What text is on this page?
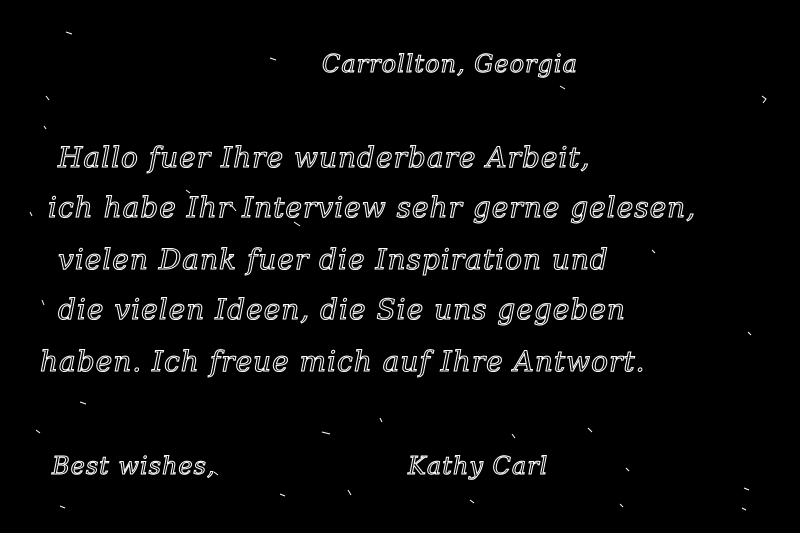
Carrollton, Georgia
Hallo fuer Ihre wunderbare Arbeit,
ich habe Ihr Interview sehr gerne gelesen,
vielen Dank fuer die Inspiration und
die vielen Ideen, die Sie uns gegeben
haben. Ich freue mich auf Ihre Antwort.
Best wishes,	Kathy Carl
